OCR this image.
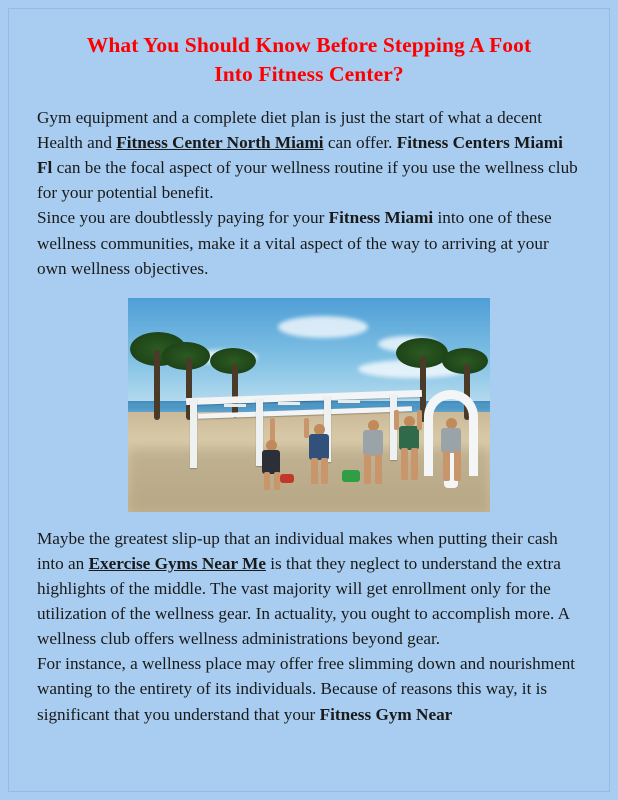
What You Should Know Before Stepping A Foot
Into Fitness Center?

Gym equipment and a complete diet plan is just the start of what a decent Health and Fitness Center North Miami can offer. Fitness Centers Miami Fl can be the focal aspect of your wellness routine if you use the wellness club for your potential benefit.

Since you are doubtlessly paying for your Fitness Miami into one of these wellness communities, make it a vital aspect of the way to arriving at your own wellness objectives.

Maybe the greatest slip-up that an individual makes when putting their cash into an Exercise Gyms Near Me is that they neglect to understand the extra highlights of the middle. The vast majority will get enrollment only for the utilization of the wellness gear. In actuality, you ought to accomplish more. A wellness club offers wellness administrations beyond gear.

For instance, a wellness place may offer free slimming down and nourishment wanting to the entirety of its individuals. Because of reasons this way, it is significant that you understand that your Fitness Gym Near
